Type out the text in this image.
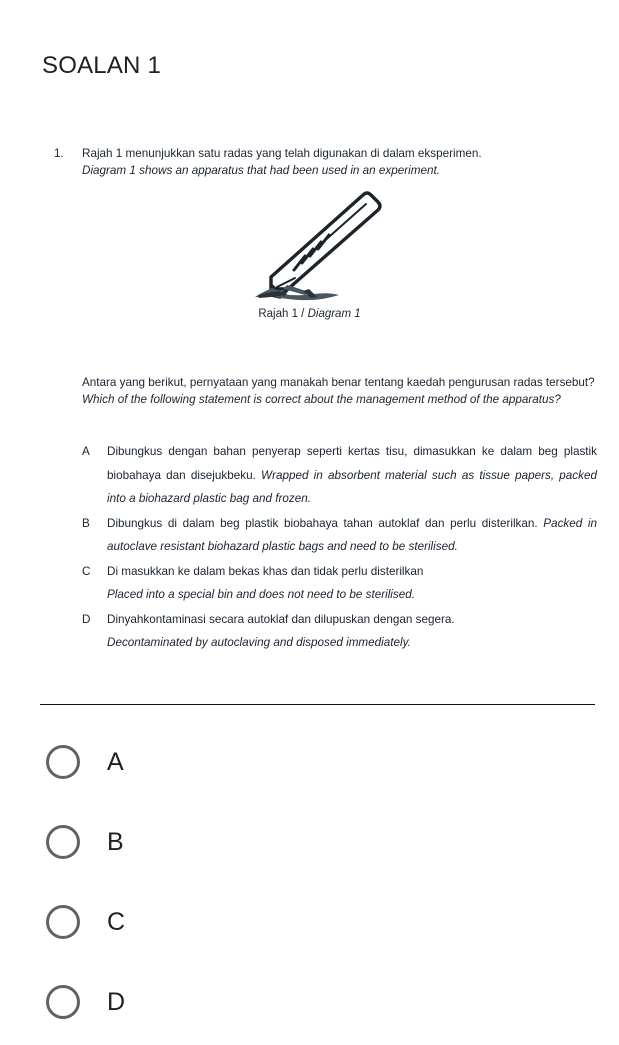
SOALAN 1
1. Rajah 1 menunjukkan satu radas yang telah digunakan di dalam eksperimen.
Diagram 1 shows an apparatus that had been used in an experiment.
Rajah 1 / Diagram 1
Antara yang berikut, pernyataan yang manakah benar tentang kaedah pengurusan radas tersebut?
Which of the following statement is correct about the management method of the apparatus?
A	Dibungkus dengan bahan penyerap seperti kertas tisu, dimasukkan ke dalam beg plastik biobahaya dan disejukbeku. Wrapped in absorbent material such as tissue papers, packed into a biohazard plastic bag and frozen.
B	Dibungkus di dalam beg plastik biobahaya tahan autoklaf dan perlu disterilkan. Packed in autoclave resistant biohazard plastic bags and need to be sterilised.
C	Di masukkan ke dalam bekas khas dan tidak perlu disterilkan
Placed into a special bin and does not need to be sterilised.
D	Dinyahkontaminasi secara autoklaf dan dilupuskan dengan segera.
Decontaminated by autoclaving and disposed immediately.
A
B
C
D
